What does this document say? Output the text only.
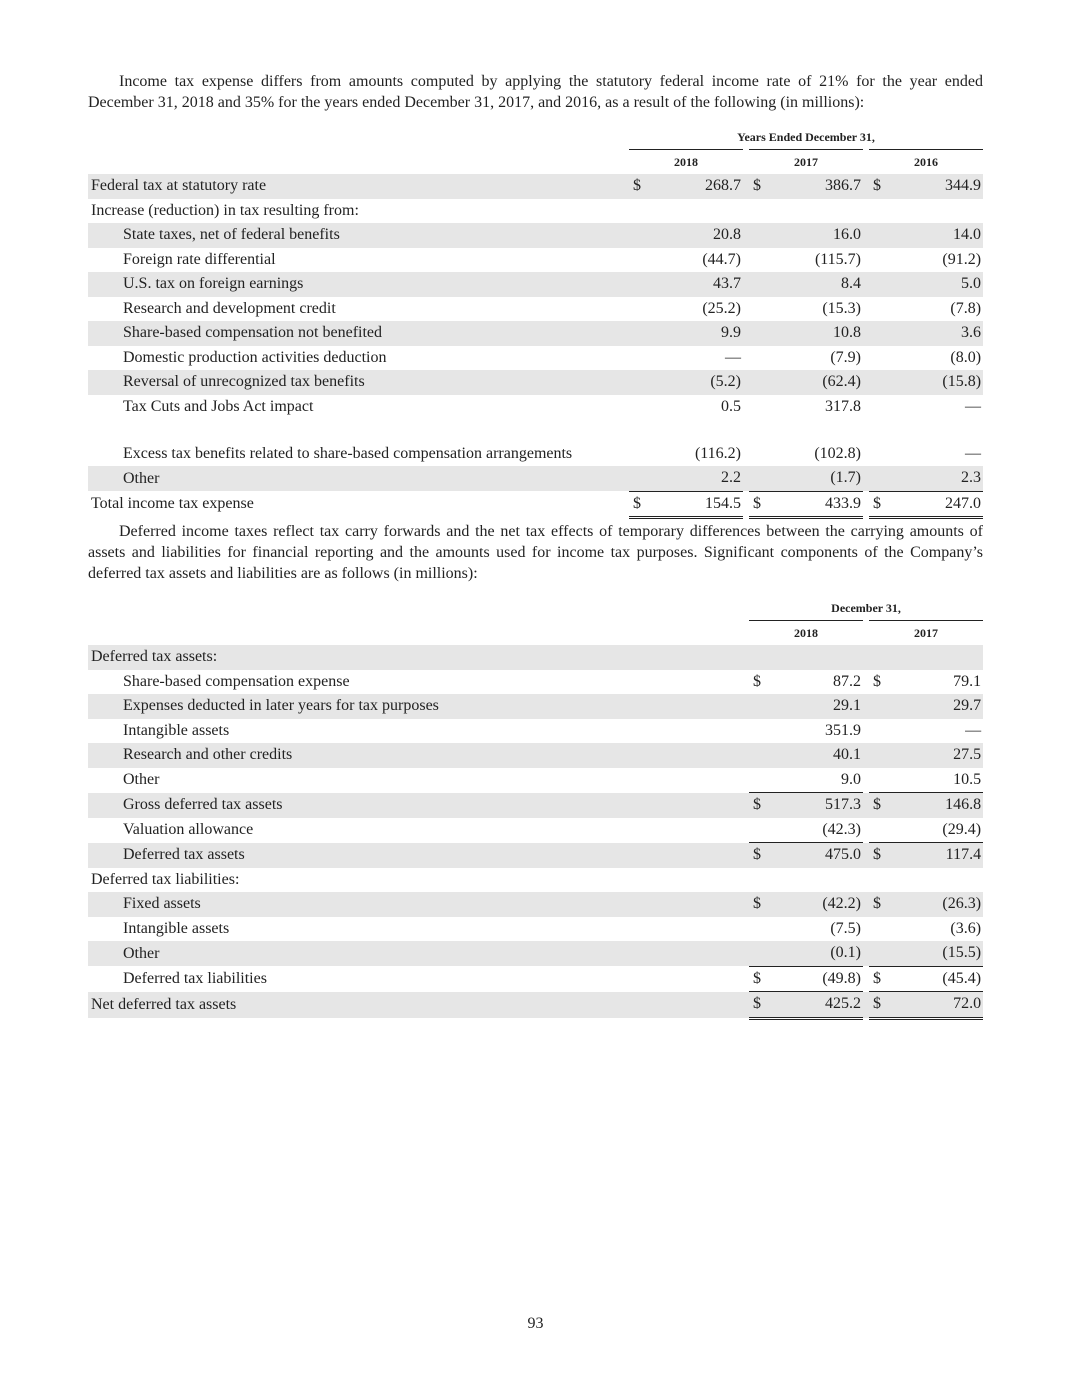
Income tax expense differs from amounts computed by applying the statutory federal income rate of 21% for the year ended December 31, 2018 and 35% for the years ended December 31, 2017, and 2016, as a result of the following (in millions):

		Years Ended December 31,							
		2018			2017			2016	
Federal tax at statutory rate		$	268.7		$	386.7		$	344.9
Increase (reduction) in tax resulting from:									
State taxes, net of federal benefits			20.8			16.0			14.0
Foreign rate differential			(44.7)			(115.7)			(91.2)
U.S. tax on foreign earnings			43.7			8.4			5.0
Research and development credit			(25.2)			(15.3)			(7.8)
Share-based compensation not benefited			9.9			10.8			3.6
Domestic production activities deduction			—			(7.9)			(8.0)
Reversal of unrecognized tax benefits			(5.2)			(62.4)			(15.8)
Tax Cuts and Jobs Act impact			0.5			317.8			—
Excess tax benefits related to share-based compensation arrangements			(116.2)			(102.8)			—
Other			2.2			(1.7)			2.3
Total income tax expense		$	154.5		$	433.9		$	247.0

Deferred income taxes reflect tax carry forwards and the net tax effects of temporary differences between the carrying amounts of assets and liabilities for financial reporting and the amounts used for income tax purposes. Significant components of the Company’s deferred tax assets and liabilities are as follows (in millions):

		December 31,				
		2018			2017	
Deferred tax assets:						
Share-based compensation expense		$	87.2		$	79.1
Expenses deducted in later years for tax purposes			29.1			29.7
Intangible assets			351.9			—
Research and other credits			40.1			27.5
Other			9.0			10.5
Gross deferred tax assets		$	517.3		$	146.8
Valuation allowance			(42.3)			(29.4)
Deferred tax assets		$	475.0		$	117.4
Deferred tax liabilities:						
Fixed assets		$	(42.2)		$	(26.3)
Intangible assets			(7.5)			(3.6)
Other			(0.1)			(15.5)
Deferred tax liabilities		$	(49.8)		$	(45.4)
Net deferred tax assets		$	425.2		$	72.0
93
